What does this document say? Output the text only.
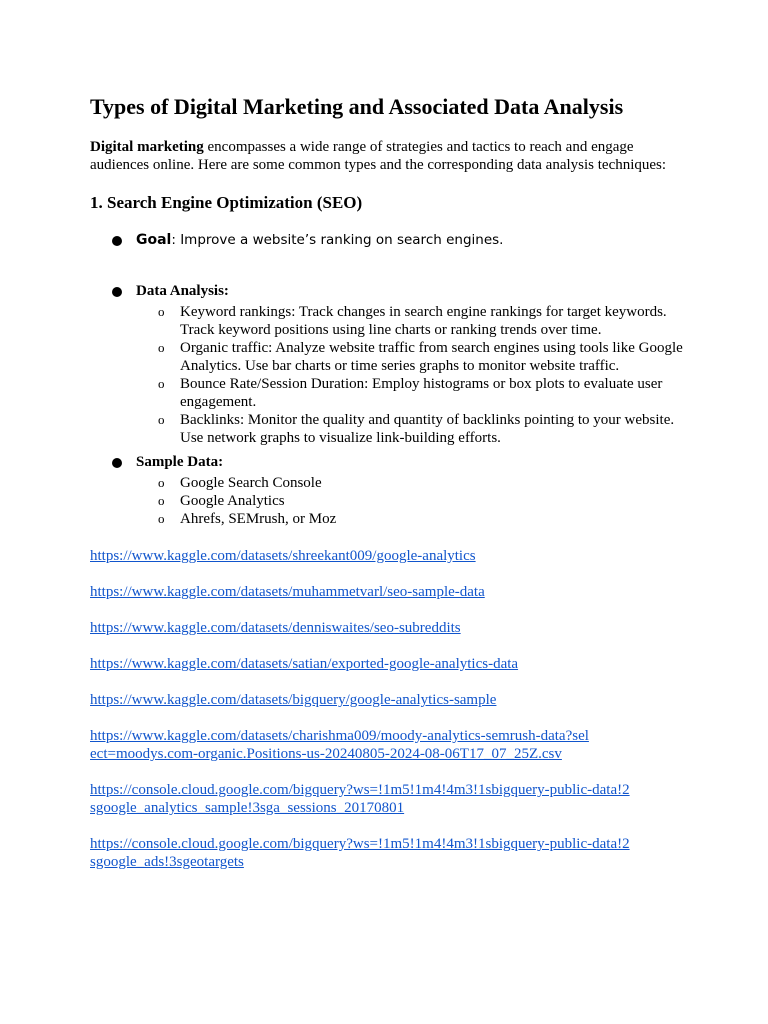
Types of Digital Marketing and Associated Data Analysis

Digital marketing encompasses a wide range of strategies and tactics to reach and engage audiences online. Here are some common types and the corresponding data analysis techniques:

1. Search Engine Optimization (SEO)
Goal: Improve a website’s ranking on search engines.
Data Analysis:
o Keyword rankings: Track changes in search engine rankings for target keywords. Track keyword positions using line charts or ranking trends over time.
o Organic traffic: Analyze website traffic from search engines using tools like Google Analytics. Use bar charts or time series graphs to monitor website traffic.
o Bounce Rate/Session Duration: Employ histograms or box plots to evaluate user engagement.
o Backlinks: Monitor the quality and quantity of backlinks pointing to your website. Use network graphs to visualize link-building efforts.
Sample Data:
o Google Search Console
o Google Analytics
o Ahrefs, SEMrush, or Moz
https://www.kaggle.com/datasets/shreekant009/google-analytics
https://www.kaggle.com/datasets/muhammetvarl/seo-sample-data
https://www.kaggle.com/datasets/denniswaites/seo-subreddits
https://www.kaggle.com/datasets/satian/exported-google-analytics-data
https://www.kaggle.com/datasets/bigquery/google-analytics-sample
https://www.kaggle.com/datasets/charishma009/moody-analytics-semrush-data?select=moodys.com-organic.Positions-us-20240805-2024-08-06T17_07_25Z.csv
https://console.cloud.google.com/bigquery?ws=!1m5!1m4!4m3!1sbigquery-public-data!2sgoogle_analytics_sample!3sga_sessions_20170801
https://console.cloud.google.com/bigquery?ws=!1m5!1m4!4m3!1sbigquery-public-data!2sgoogle_ads!3sgeotargets
